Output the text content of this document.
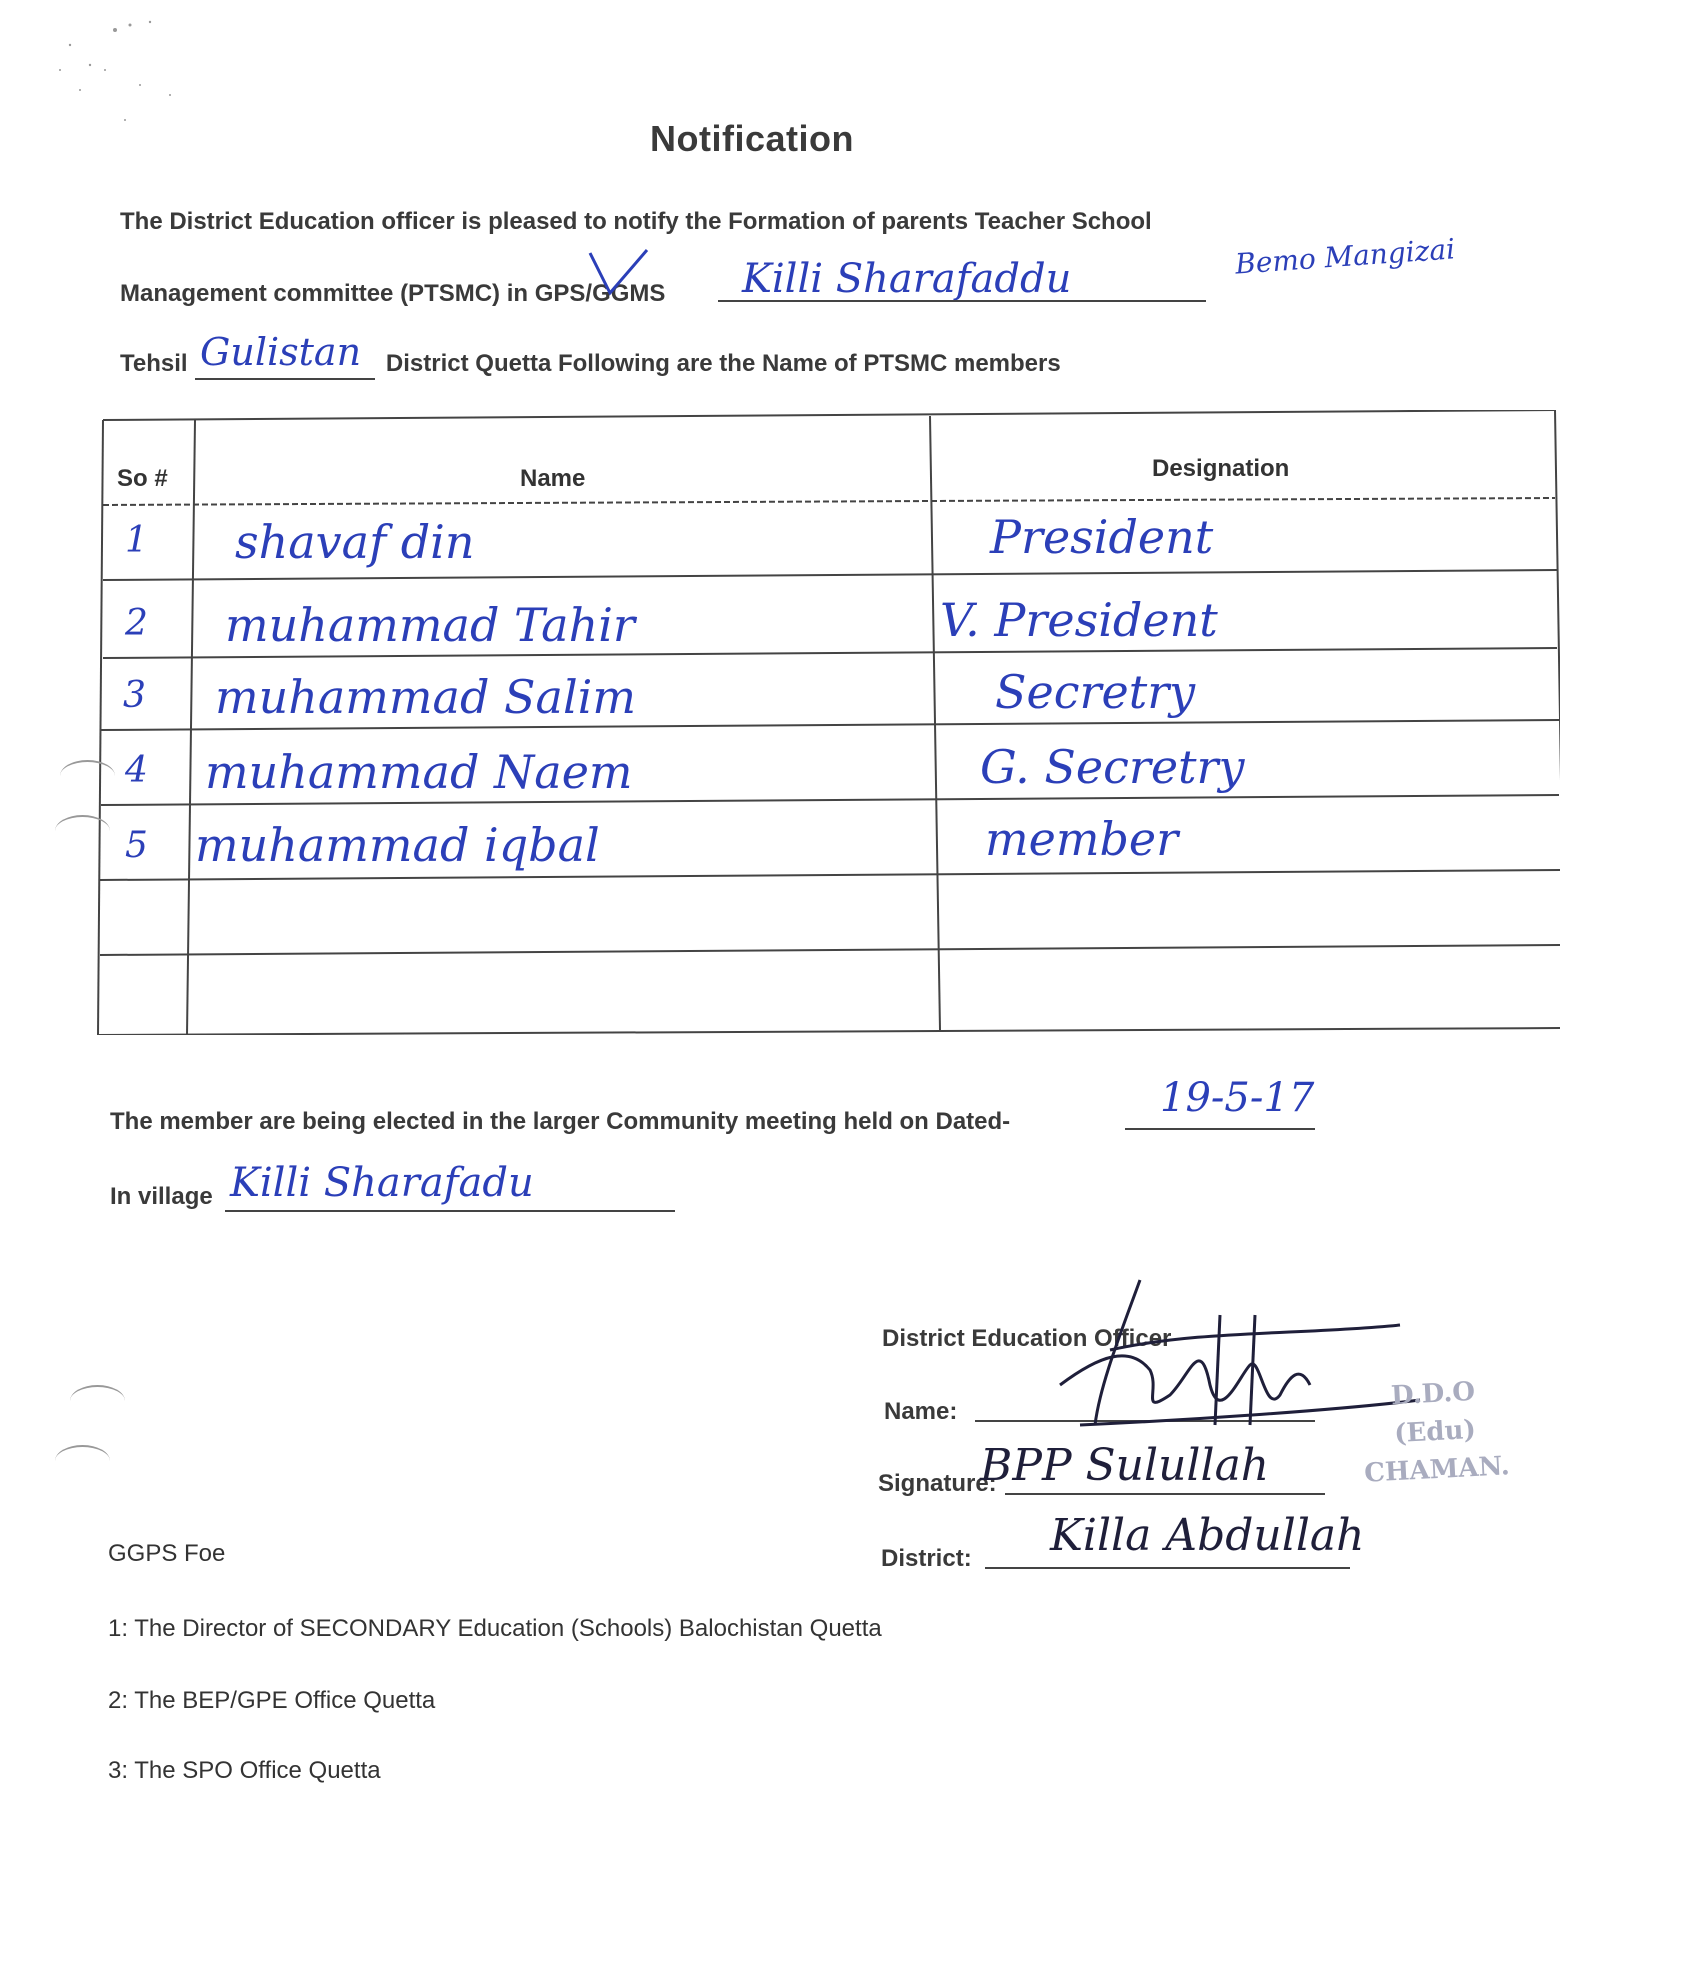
Notification
The District Education officer is pleased to notify the Formation of parents Teacher School
Management committee (PTSMC) in GPS/GGMS Killi Sharafaddu	Bemo Mangizai
Tehsil	District Quetta Following are the Name of PTSMC members
Gulistan
So #	Name	Designation
1 shavaf din	President
2 muhammad Tahir	V. President
3 muhammad Salim	Secretry
4 muhammad Naem	G. Secretry
5 muhammad iqbal	member
The member are being elected in the larger Community meeting held on Dated-
19-5-17
In village Killi Sharafadu
District Education Officer
Name:
Signature:
BPP Sulullah
District: Killa Abdullah
D.D.O
(Edu)
CHAMAN.
GGPS Foe
1: The Director of SECONDARY Education (Schools) Balochistan Quetta
2: The BEP/GPE Office Quetta
3: The SPO Office Quetta
